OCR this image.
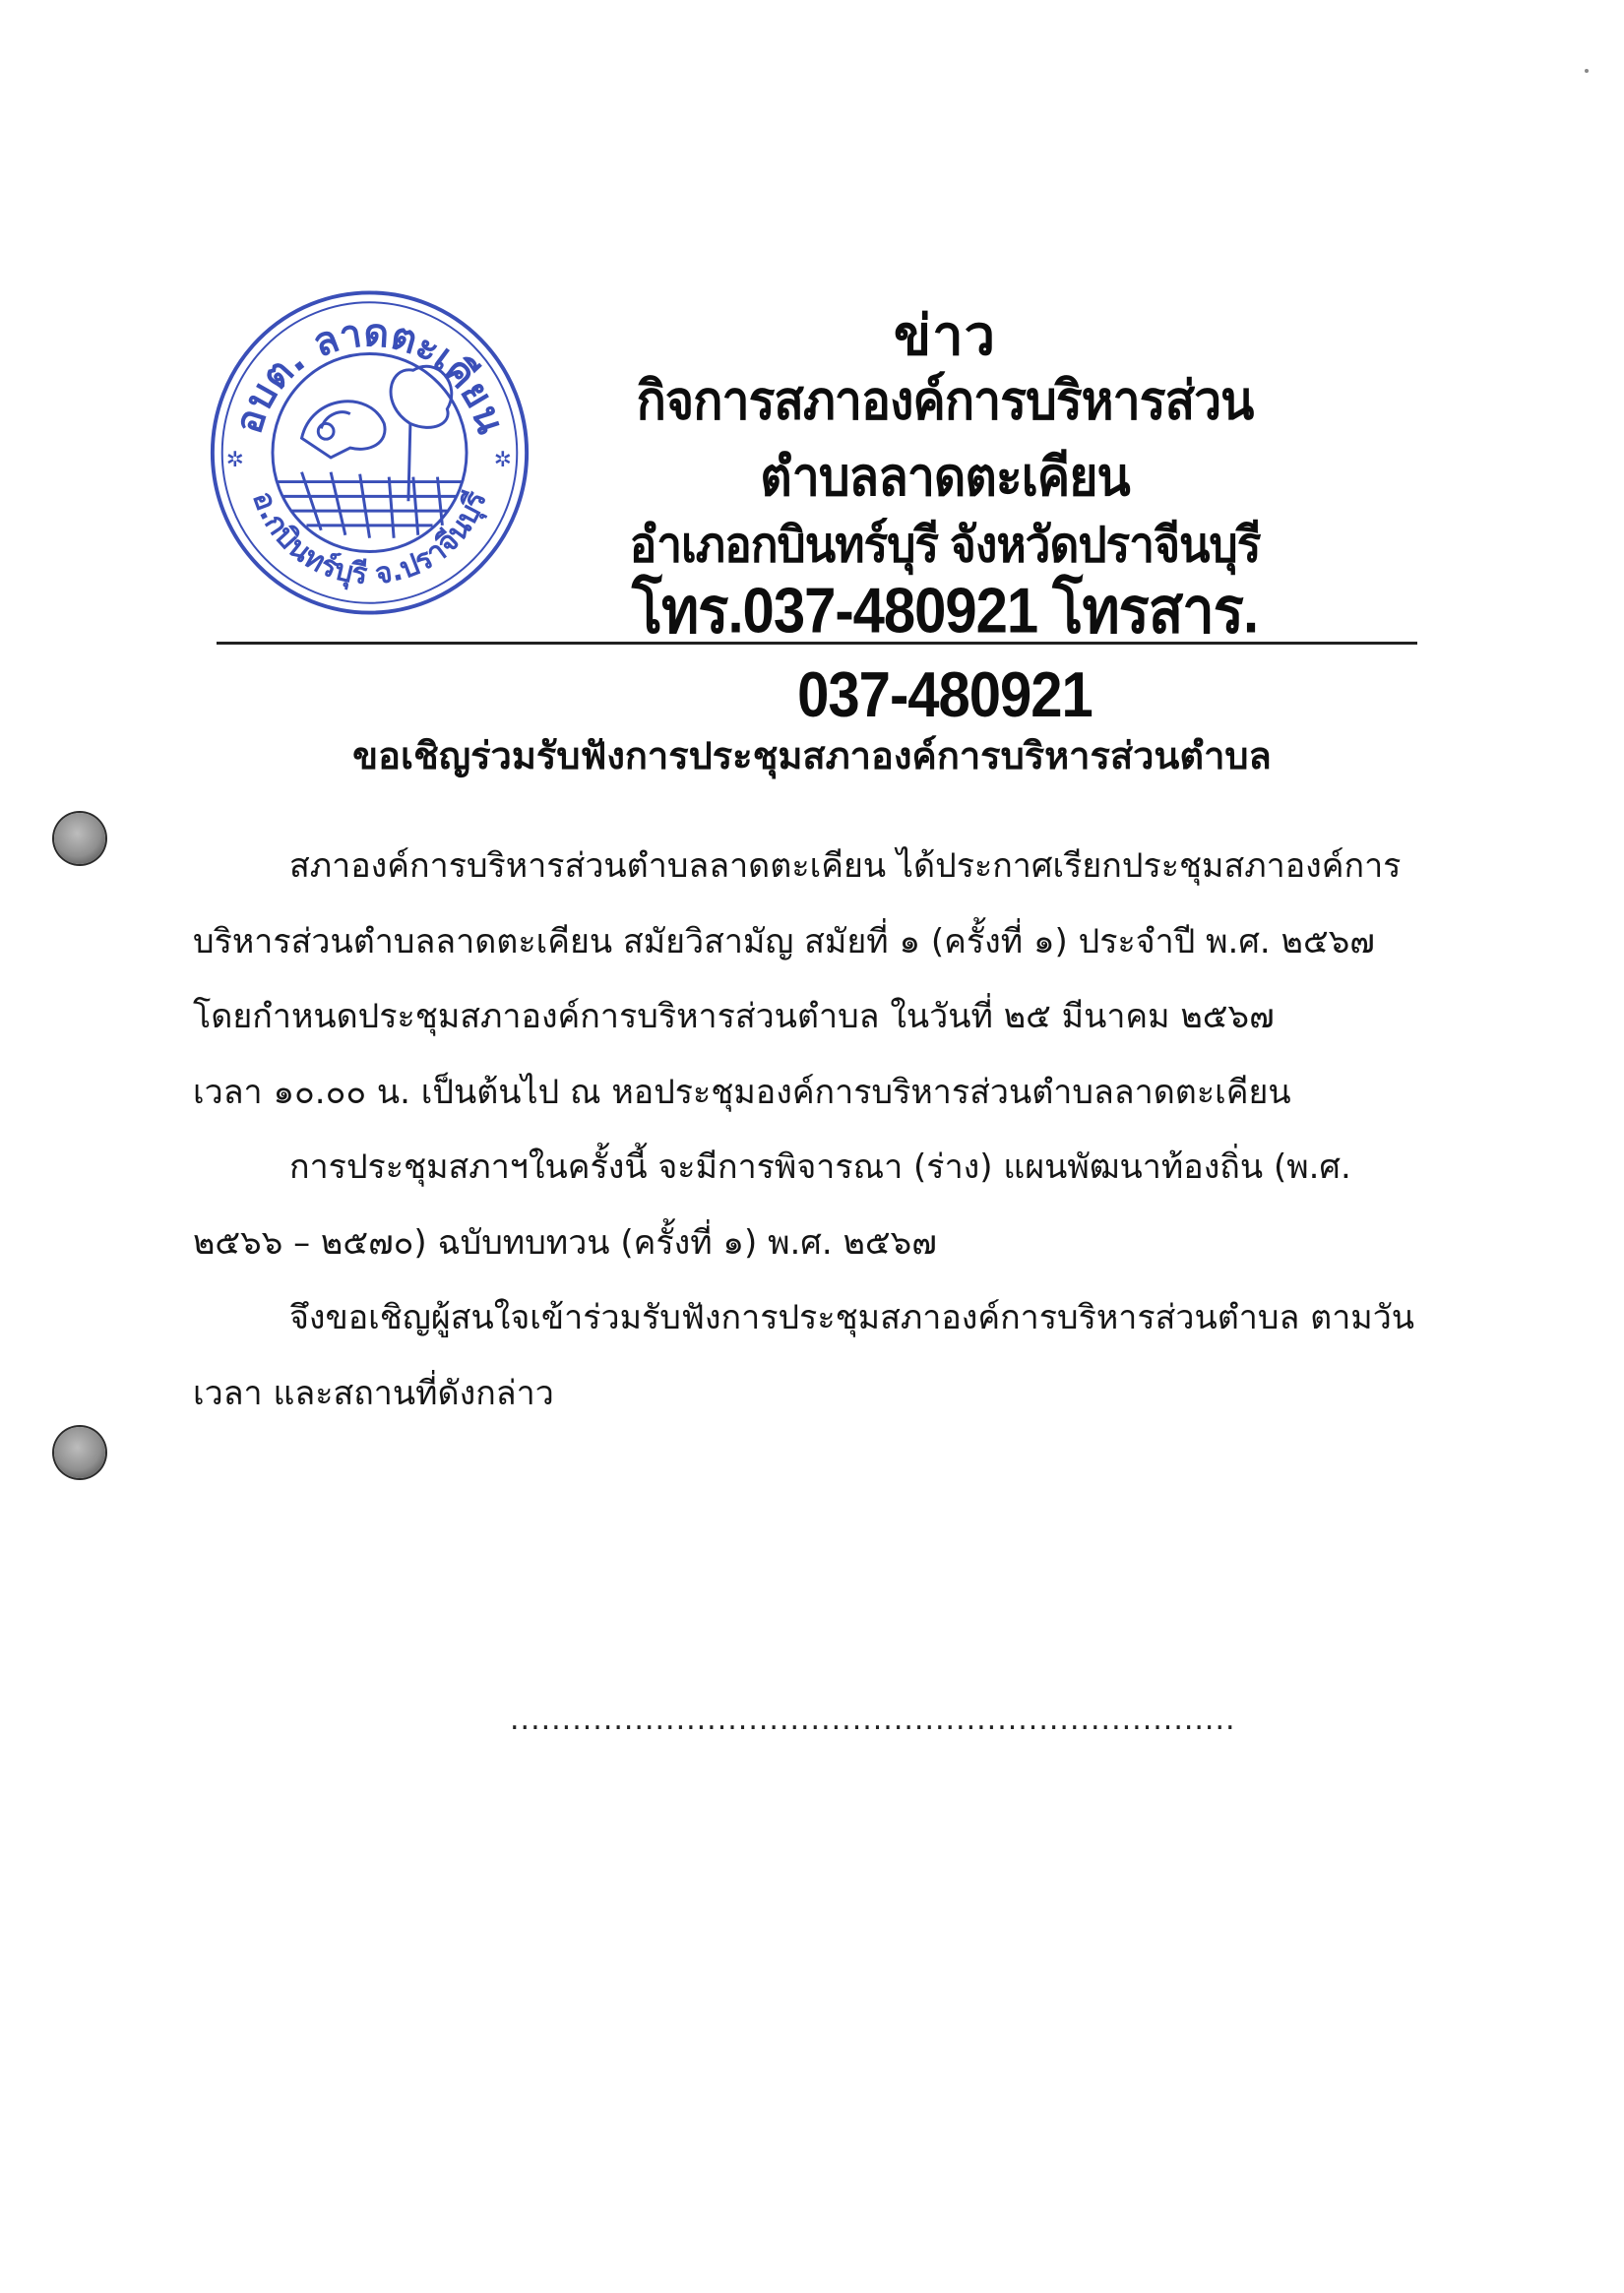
อบต. ลาดตะเคียน
อ.กบินทร์บุรี จ.ปราจีนบุรี
✲	✲
ข่าว
กิจการสภาองค์การบริหารส่วนตำบลลาดตะเคียน
อำเภอกบินทร์บุรี จังหวัดปราจีนบุรี
โทร.037-480921 โทรสาร. 037-480921
ขอเชิญร่วมรับฟังการประชุมสภาองค์การบริหารส่วนตำบล
สภาองค์การบริหารส่วนตำบลลาดตะเคียน ได้ประกาศเรียกประชุมสภาองค์การ
บริหารส่วนตำบลลาดตะเคียน สมัยวิสามัญ สมัยที่ ๑ (ครั้งที่ ๑) ประจำปี พ.ศ. ๒๕๖๗
โดยกำหนดประชุมสภาองค์การบริหารส่วนตำบล ในวันที่ ๒๕ มีนาคม ๒๕๖๗
เวลา ๑๐.๐๐ น. เป็นต้นไป ณ หอประชุมองค์การบริหารส่วนตำบลลาดตะเคียน
การประชุมสภาฯในครั้งนี้ จะมีการพิจารณา (ร่าง) แผนพัฒนาท้องถิ่น (พ.ศ.
๒๕๖๖ – ๒๕๗๐) ฉบับทบทวน (ครั้งที่ ๑) พ.ศ. ๒๕๖๗
จึงขอเชิญผู้สนใจเข้าร่วมรับฟังการประชุมสภาองค์การบริหารส่วนตำบล ตามวัน
เวลา และสถานที่ดังกล่าว
......................................................................
